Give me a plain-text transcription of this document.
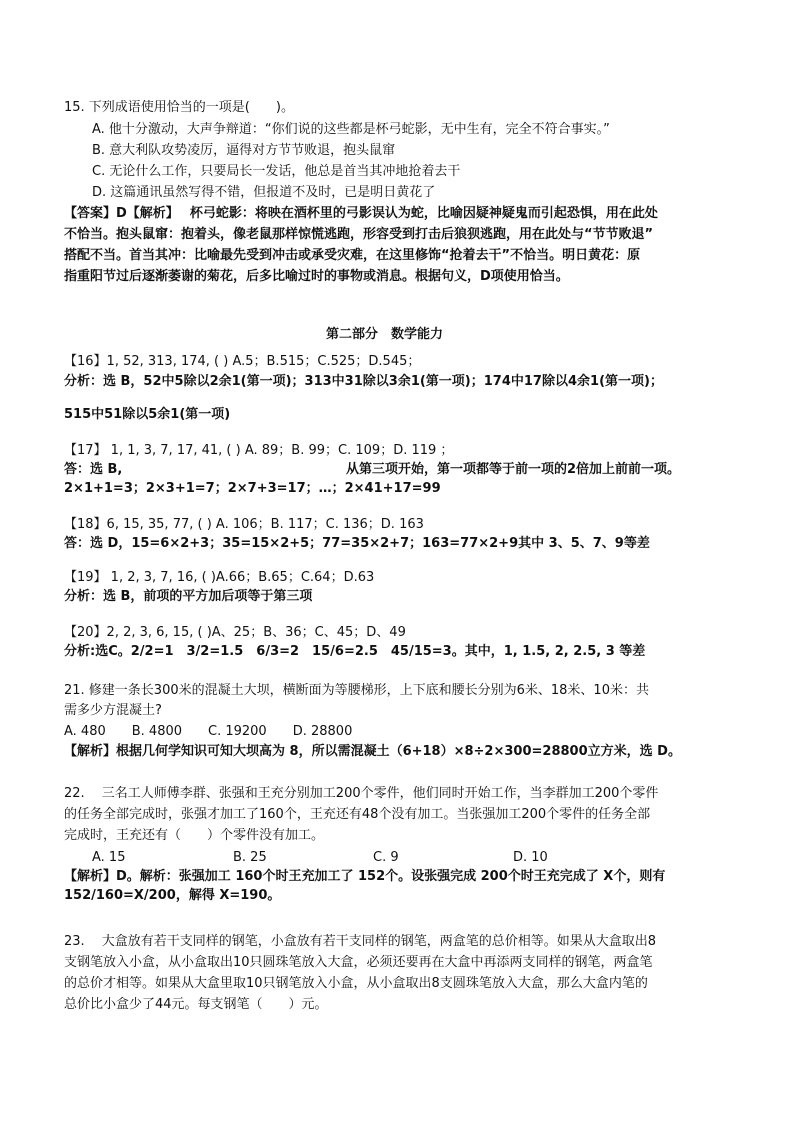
15. 下列成语使用恰当的一项是(　　)。
A. 他十分激动，大声争辩道：“你们说的这些都是杯弓蛇影，无中生有，完全不符合事实。”
B. 意大利队攻势凌厉，逼得对方节节败退，抱头鼠窜
C. 无论什么工作，只要局长一发话，他总是首当其冲地抢着去干
D. 这篇通讯虽然写得不错，但报道不及时，已是明日黄花了
【答案】D【解析】　 杯弓蛇影：将映在酒杯里的弓影误认为蛇，比喻因疑神疑鬼而引起恐惧，用在此处
不恰当。抱头鼠窜：抱着头，像老鼠那样惊慌逃跑，形容受到打击后狼狈逃跑，用在此处与“节节败退”
搭配不当。首当其冲：比喻最先受到冲击或承受灾难，在这里修饰“抢着去干”不恰当。明日黄花：原
指重阳节过后逐渐萎谢的菊花，后多比喻过时的事物或消息。根据句义，D项使用恰当。
第二部分　数学能力
【16】1, 52, 313, 174, ( ) A.5；B.515；C.525；D.545；
分析：选 B，52中5除以2余1(第一项)；313中31除以3余1(第一项)；174中17除以4余1(第一项)；
515中51除以5余1(第一项)
【17】 1, 1, 3, 7, 17, 41, ( ) A. 89；B. 99；C. 109；D. 119 ；
答：选 B,	从第三项开始，第一项都等于前一项的2倍加上前前一项。
2×1+1=3；2×3+1=7；2×7+3=17；…；2×41+17=99
【18】6, 15, 35, 77, ( ) A. 106；B. 117；C. 136；D. 163
答：选 D，15=6×2+3；35=15×2+5；77=35×2+7；163=77×2+9其中 3、5、7、9等差
【19】 1, 2, 3, 7, 16, ( )A.66；B.65；C.64；D.63
分析：选 B，前项的平方加后项等于第三项
【20】2, 2, 3, 6, 15, ( )A、25；B、36；C、45；D、49
分析:选C。2/2=1　3/2=1.5　6/3=2　15/6=2.5　45/15=3。其中，1, 1.5, 2, 2.5, 3 等差
21. 修建一条长300米的混凝土大坝，横断面为等腰梯形，上下底和腰长分别为6米、18米、10米：共
需多少方混凝土?
A. 480　　B. 4800　　C. 19200　　D. 28800
【解析】根据几何学知识可知大坝高为 8，所以需混凝土（6+18）×8÷2×300=28800立方米，选 D。
22.　 三名工人师傅李群、张强和王充分别加工200个零件，他们同时开始工作，当李群加工200个零件
的任务全部完成时，张强才加工了160个，王充还有48个没有加工。当张强加工200个零件的任务全部
完成时，王充还有（　　）个零件没有加工。
A. 15	B. 25	C. 9	D. 10
【解析】D。解析：张强加工 160个时王充加工了 152个。设张强完成 200个时王充完成了 X个，则有
152/160=X/200，解得 X=190。
23.　 大盒放有若干支同样的钢笔，小盒放有若干支同样的钢笔，两盒笔的总价相等。如果从大盒取出8
支钢笔放入小盒，从小盒取出10只圆珠笔放入大盒，必须还要再在大盒中再添两支同样的钢笔，两盒笔
的总价才相等。如果从大盒里取10只钢笔放入小盒，从小盒取出8支圆珠笔放入大盒，那么大盒内笔的
总价比小盒少了44元。每支钢笔（　　）元。
